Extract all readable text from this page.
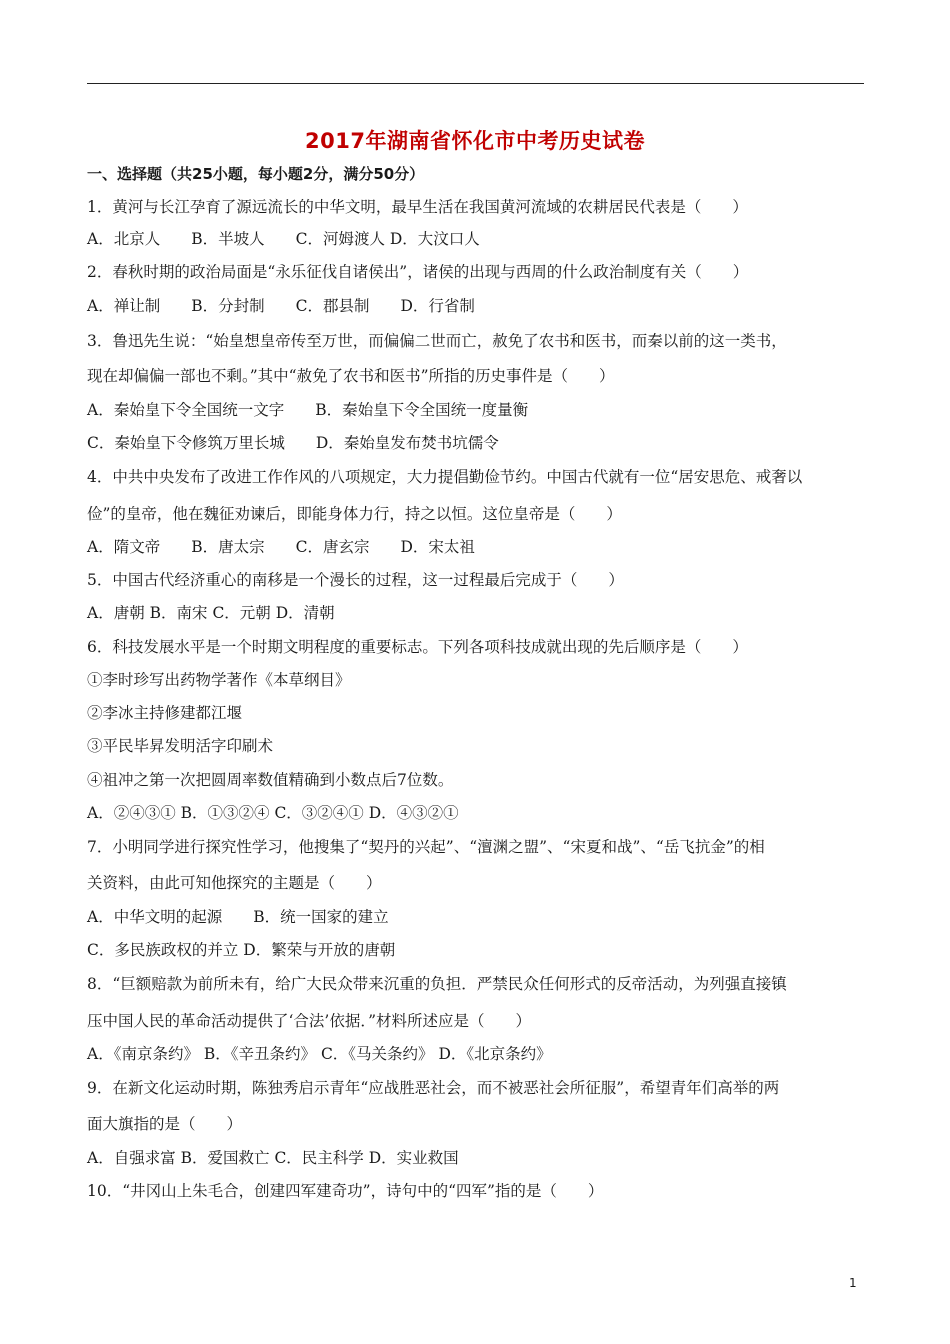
2017年湖南省怀化市中考历史试卷
一、选择题（共25小题，每小题2分，满分50分）
1．黄河与长江孕育了源远流长的中华文明，最早生活在我国黄河流域的农耕居民代表是（　　）
A．北京人　　B．半坡人　　C．河姆渡人 D．大汶口人
2．春秋时期的政治局面是“永乐征伐自诸侯出”，诸侯的出现与西周的什么政治制度有关（　　）
A．禅让制　　B．分封制　　C．郡县制　　D．行省制
3．鲁迅先生说：“始皇想皇帝传至万世，而偏偏二世而亡，赦免了农书和医书，而秦以前的这一类书，
现在却偏偏一部也不剩。”其中“赦免了农书和医书”所指的历史事件是（　　）
A．秦始皇下令全国统一文字　　B．秦始皇下令全国统一度量衡
C．秦始皇下令修筑万里长城　　D．秦始皇发布焚书坑儒令
4．中共中央发布了改进工作作风的八项规定，大力提倡勤俭节约。中国古代就有一位“居安思危、戒奢以
俭”的皇帝，他在魏征劝谏后，即能身体力行，持之以恒。这位皇帝是（　　）
A．隋文帝　　B．唐太宗　　C．唐玄宗　　D．宋太祖
5．中国古代经济重心的南移是一个漫长的过程，这一过程最后完成于（　　）
A．唐朝 B．南宋 C．元朝 D．清朝
6．科技发展水平是一个时期文明程度的重要标志。下列各项科技成就出现的先后顺序是（　　）
①李时珍写出药物学著作《本草纲目》
②李冰主持修建都江堰
③平民毕昇发明活字印刷术
④祖冲之第一次把圆周率数值精确到小数点后7位数。
A．②④③① B．①③②④ C．③②④① D．④③②①
7．小明同学进行探究性学习，他搜集了“契丹的兴起”、“澶渊之盟”、“宋夏和战”、“岳飞抗金”的相
关资料，由此可知他探究的主题是（　　）
A．中华文明的起源　　B．统一国家的建立
C．多民族政权的并立 D．繁荣与开放的唐朝
8．“巨额赔款为前所未有，给广大民众带来沉重的负担．严禁民众任何形式的反帝活动，为列强直接镇
压中国人民的革命活动提供了‘合法’依据．”材料所述应是（　　）
A．《南京条约》 B．《辛丑条约》 C．《马关条约》 D．《北京条约》
9．在新文化运动时期，陈独秀启示青年“应战胜恶社会，而不被恶社会所征服”，希望青年们高举的两
面大旗指的是（　　）
A．自强求富 B．爱国救亡 C．民主科学 D．实业救国
10．“井冈山上朱毛合，创建四军建奇功”，诗句中的“四军”指的是（　　）
1
